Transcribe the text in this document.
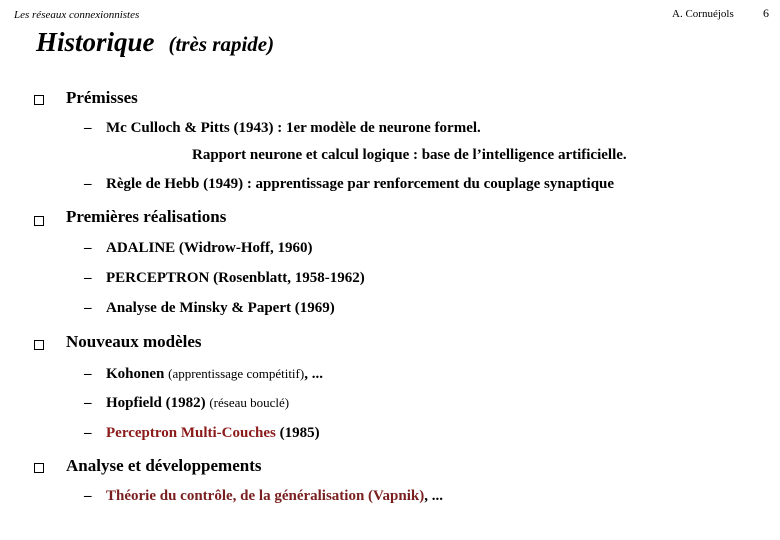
Les réseaux connexionnistes	A. Cornuéjols 6
Historique (très rapide)
Prémisses
– Mc Culloch & Pitts (1943) : 1er modèle de neurone formel.
Rapport neurone et calcul logique : base de l’intelligence artificielle.
– Règle de Hebb (1949) : apprentissage par renforcement du couplage synaptique
Premières réalisations
– ADALINE (Widrow-Hoff, 1960)
– PERCEPTRON (Rosenblatt, 1958-1962)
– Analyse de Minsky & Papert (1969)
Nouveaux modèles
– Kohonen (apprentissage compétitif), ...
– Hopfield (1982) (réseau bouclé)
– Perceptron Multi-Couches (1985)
Analyse et développements
– Théorie du contrôle, de la généralisation (Vapnik), ...
